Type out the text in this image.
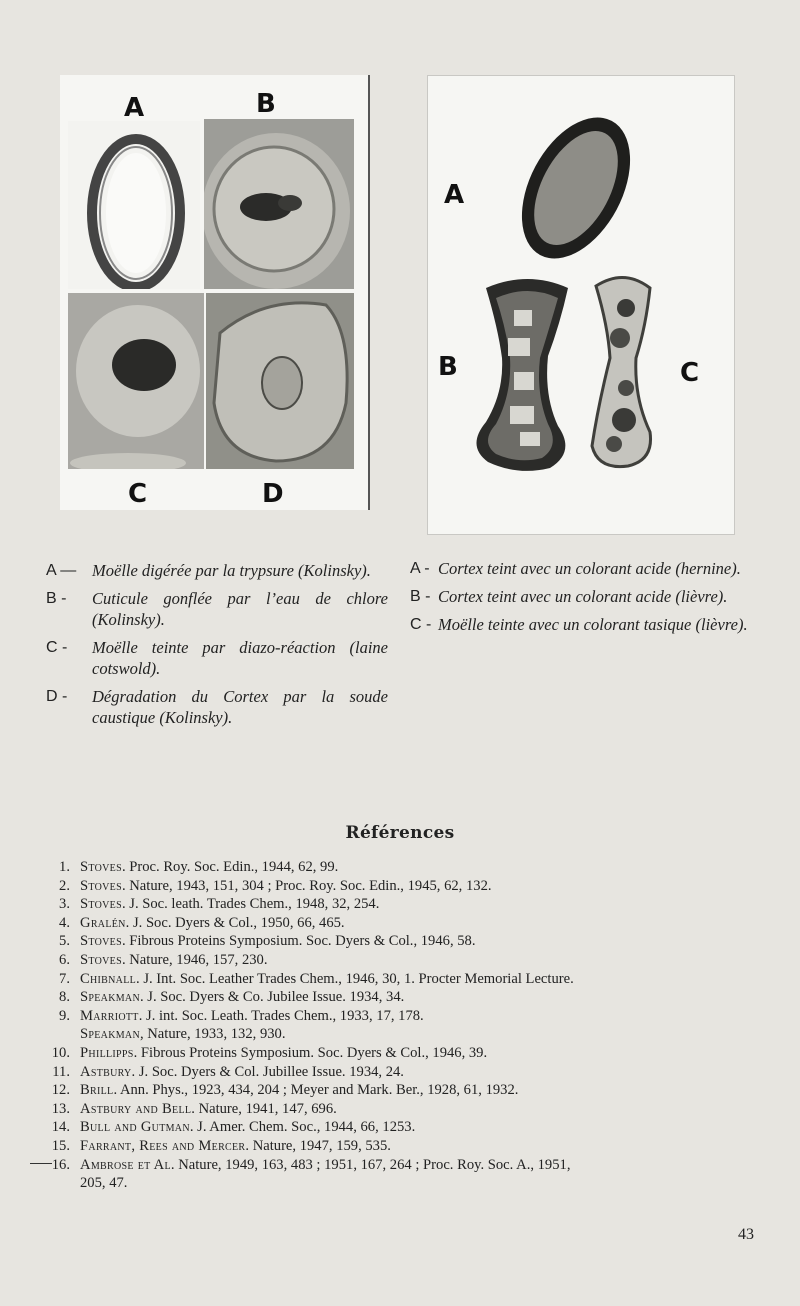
A	B
C	D
A
B	C
A — Moëlle digérée par la trypsure (Kolinsky).
B - Cuticule gonflée par l’eau de chlore (Kolinsky).
C - Moëlle teinte par diazo-réaction (laine cotswold).
D - Dégradation du Cortex par la soude caustique (Kolinsky).
A - Cortex teint avec un colorant acide (hernine).
B - Cortex teint avec un colorant acide (lièvre).
C - Moëlle teinte avec un colorant tasique (lièvre).
Références
1. Stoves. Proc. Roy. Soc. Edin., 1944, 62, 99.
2. Stoves. Nature, 1943, 151, 304 ; Proc. Roy. Soc. Edin., 1945, 62, 132.
3. Stoves. J. Soc. leath. Trades Chem., 1948, 32, 254.
4. Gralén. J. Soc. Dyers & Col., 1950, 66, 465.
5. Stoves. Fibrous Proteins Symposium. Soc. Dyers & Col., 1946, 58.
6. Stoves. Nature, 1946, 157, 230.
7. Chibnall. J. Int. Soc. Leather Trades Chem., 1946, 30, 1. Procter Memorial Lecture.
8. Speakman. J. Soc. Dyers & Co. Jubilee Issue. 1934, 34.
9. Marriott. J. int. Soc. Leath. Trades Chem., 1933, 17, 178.
Speakman, Nature, 1933, 132, 930.
10. Phillipps. Fibrous Proteins Symposium. Soc. Dyers & Col., 1946, 39.
11. Astbury. J. Soc. Dyers & Col. Jubillee Issue. 1934, 24.
12. Brill. Ann. Phys., 1923, 434, 204 ; Meyer and Mark. Ber., 1928, 61, 1932.
13. Astbury and Bell. Nature, 1941, 147, 696.
14. Bull and Gutman. J. Amer. Chem. Soc., 1944, 66, 1253.
15. Farrant, Rees and Mercer. Nature, 1947, 159, 535.
16. Ambrose et Al. Nature, 1949, 163, 483 ; 1951, 167, 264 ; Proc. Roy. Soc. A., 1951,
205, 47.
43
